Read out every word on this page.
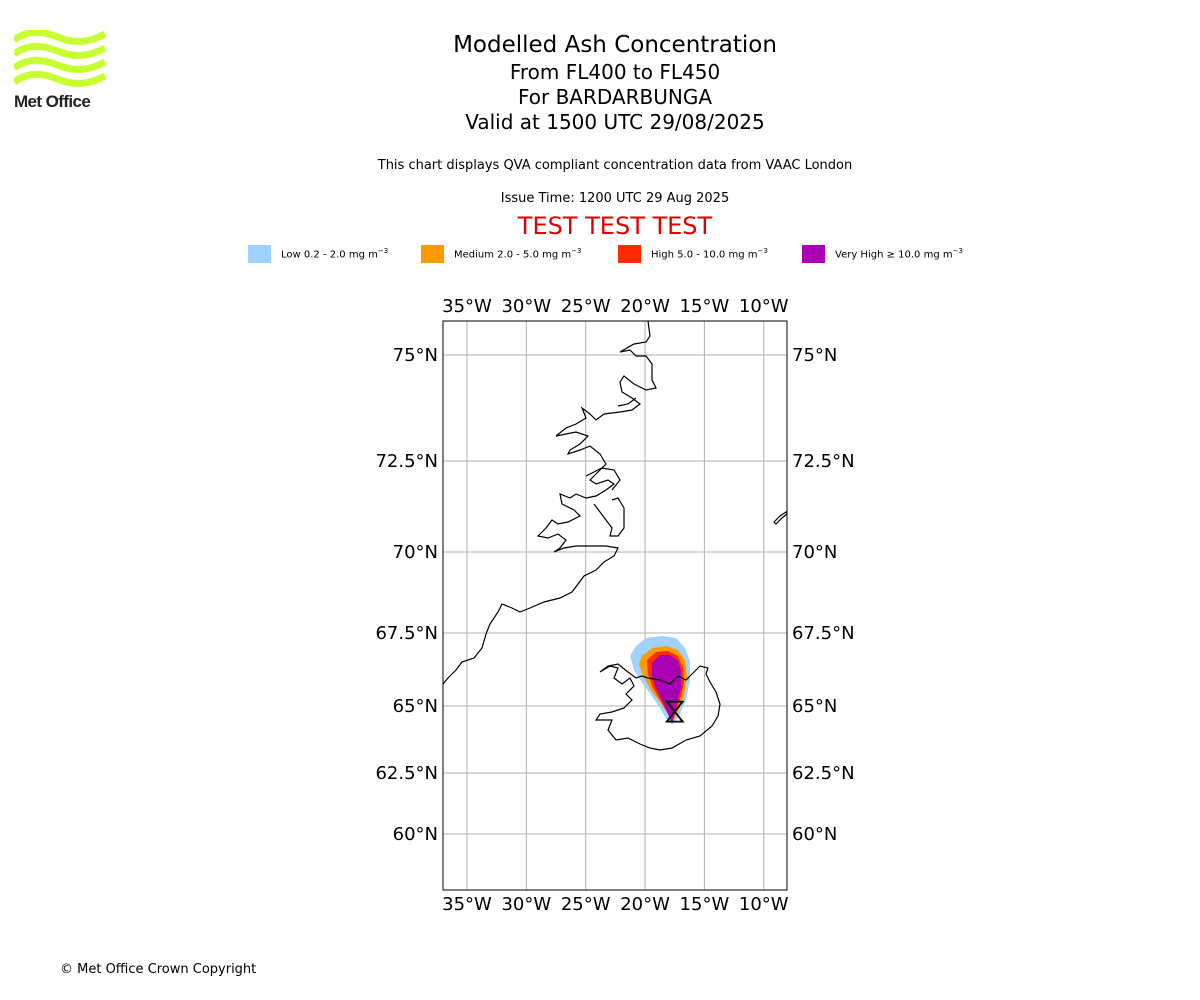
Met Office
Modelled Ash Concentration
From FL400 to FL450
For BARDARBUNGA
Valid at 1500 UTC 29/08/2025
This chart displays QVA compliant concentration data from VAAC London
Issue Time: 1200 UTC 29 Aug 2025
TEST TEST TEST
Low 0.2 - 2.0 mg $m^{-3}$	Medium 2.0 - 5.0 mg $m^{-3}$	High 5.0 - 10.0 mg $m^{-3}$	Very High ≥ 10.0 mg $m^{-3}$
35°W
35°W
30°W
30°W
25°W
25°W
20°W
20°W
15°W
15°W
10°W
10°W
75°N	75°N
72.5°N	72.5°N
70°N	70°N
67.5°N	67.5°N
65°N	65°N
62.5°N	62.5°N
60°N	60°N
© Met Office Crown Copyright
